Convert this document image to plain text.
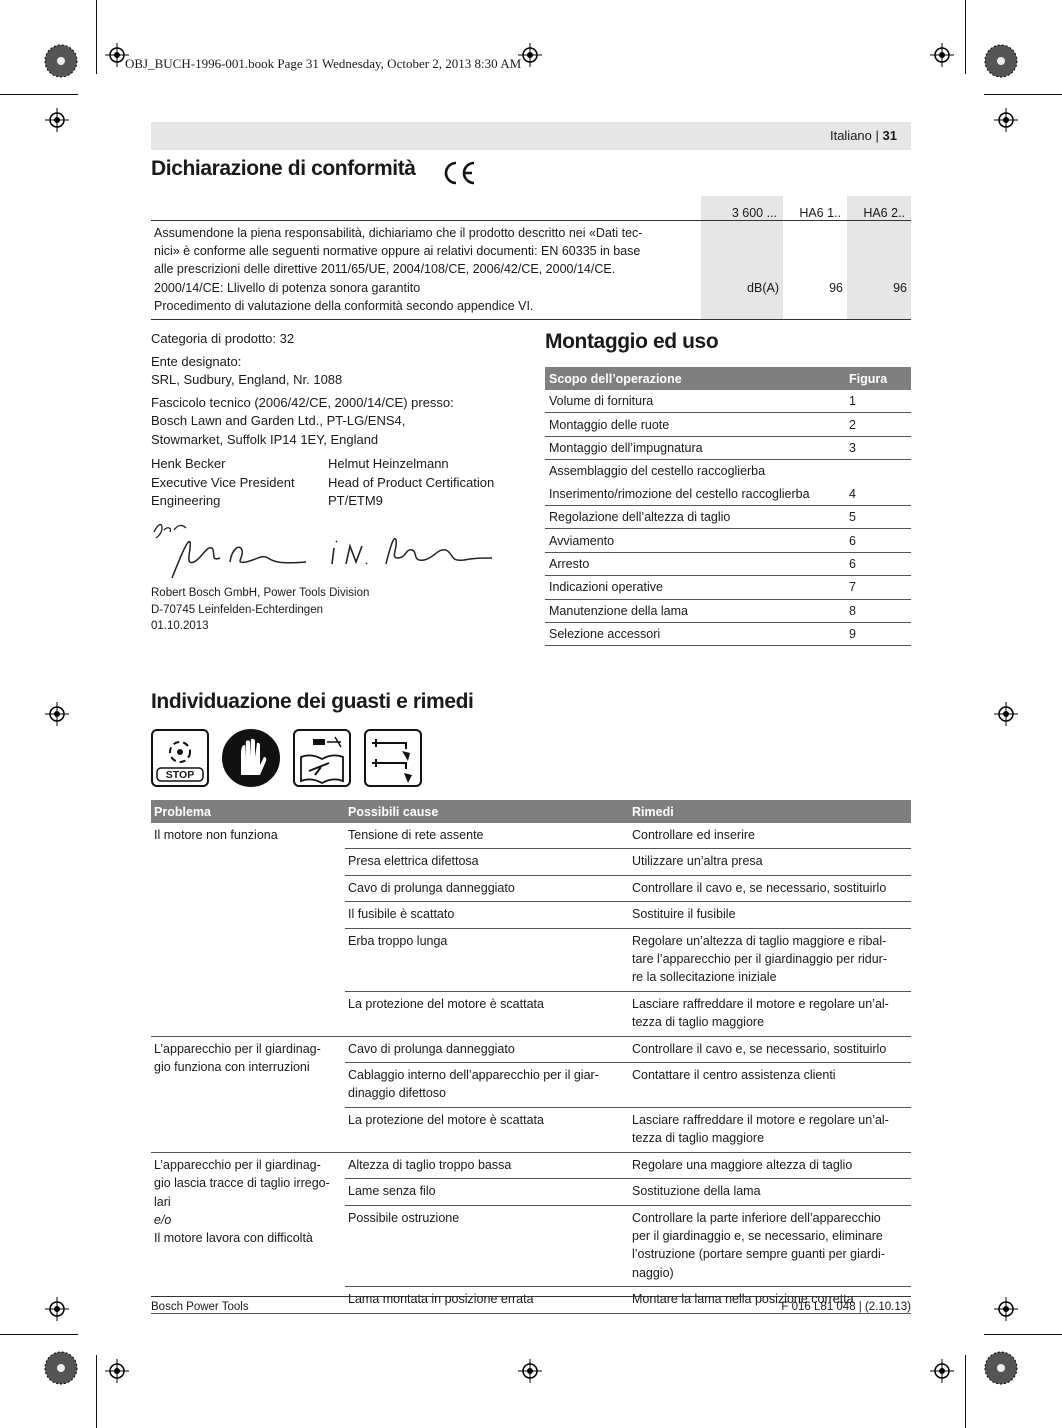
OBJ_BUCH-1996-001.book Page 31 Wednesday, October 2, 2013 8:30 AM
Italiano | 31
Dichiarazione di conformità	CE
	3 600 ...	HA6 1..	HA6 2..

Assumendone la piena responsabilità, dichiariamo che il prodotto descritto nei «Dati tec-
nici» è conforme alle seguenti normative oppure ai relativi documenti: EN 60335 in base
alle prescrizioni delle direttive 2011/65/UE, 2004/108/CE, 2006/42/CE, 2000/14/CE.
2000/14/CE: Llivello di potenza sonora garantito
Procedimento di valutazione della conformità secondo appendice VI.	dB(A)	96	96
Categoria di prodotto: 32
Ente designato:
SRL, Sudbury, England, Nr. 1088
Fascicolo tecnico (2006/42/CE, 2000/14/CE) presso:
Bosch Lawn and Garden Ltd., PT-LG/ENS4,
Stowmarket, Suffolk IP14 1EY, England
Henk Becker
Executive Vice President
Engineering
Helmut Heinzelmann
Head of Product Certification
PT/ETM9
Robert Bosch GmbH, Power Tools Division
D-70745 Leinfelden-Echterdingen
01.10.2013
Montaggio ed uso
Scopo dell’operazione	Figura
Volume di fornitura	1
Montaggio delle ruote	2
Montaggio dell’impugnatura	3
Assemblaggio del cestello raccoglierba	
Inserimento/rimozione del cestello raccoglierba	4
Regolazione dell’altezza di taglio	5
Avviamento	6
Arresto	6
Indicazioni operative	7
Manutenzione della lama	8
Selezione accessori	9
Individuazione dei guasti e rimedi
STOP
Problema	Possibili cause	Rimedi
Il motore non funziona	Tensione di rete assente	Controllare ed inserire
	Presa elettrica difettosa	Utilizzare un’altra presa
	Cavo di prolunga danneggiato	Controllare il cavo e, se necessario, sostituirlo
	Il fusibile è scattato	Sostituire il fusibile
	Erba troppo lunga	Regolare un’altezza di taglio maggiore e ribal-
tare l’apparecchio per il giardinaggio per ridur-
re la sollecitazione iniziale
	La protezione del motore è scattata	Lasciare raffreddare il motore e regolare un’al-
tezza di taglio maggiore

L’apparecchio per il giardinag-
gio funziona con interruzioni	Cavo di prolunga danneggiato	Controllare il cavo e, se necessario, sostituirlo
	Cablaggio interno dell’apparecchio per il giar-
dinaggio difettoso	Contattare il centro assistenza clienti
	La protezione del motore è scattata	Lasciare raffreddare il motore e regolare un’al-
tezza di taglio maggiore

L’apparecchio per il giardinag-
gio lascia tracce di taglio irrego-
lari
e/o
Il motore lavora con difficoltà	Altezza di taglio troppo bassa	Regolare una maggiore altezza di taglio
	Lame senza filo	Sostituzione della lama
	Possibile ostruzione	Controllare la parte inferiore dell’apparecchio
per il giardinaggio e, se necessario, eliminare
l’ostruzione (portare sempre guanti per giardi-
naggio)
	Lama montata in posizione errata	Montare la lama nella posizione corretta
Bosch Power Tools	F 016 L81 048 | (2.10.13)
